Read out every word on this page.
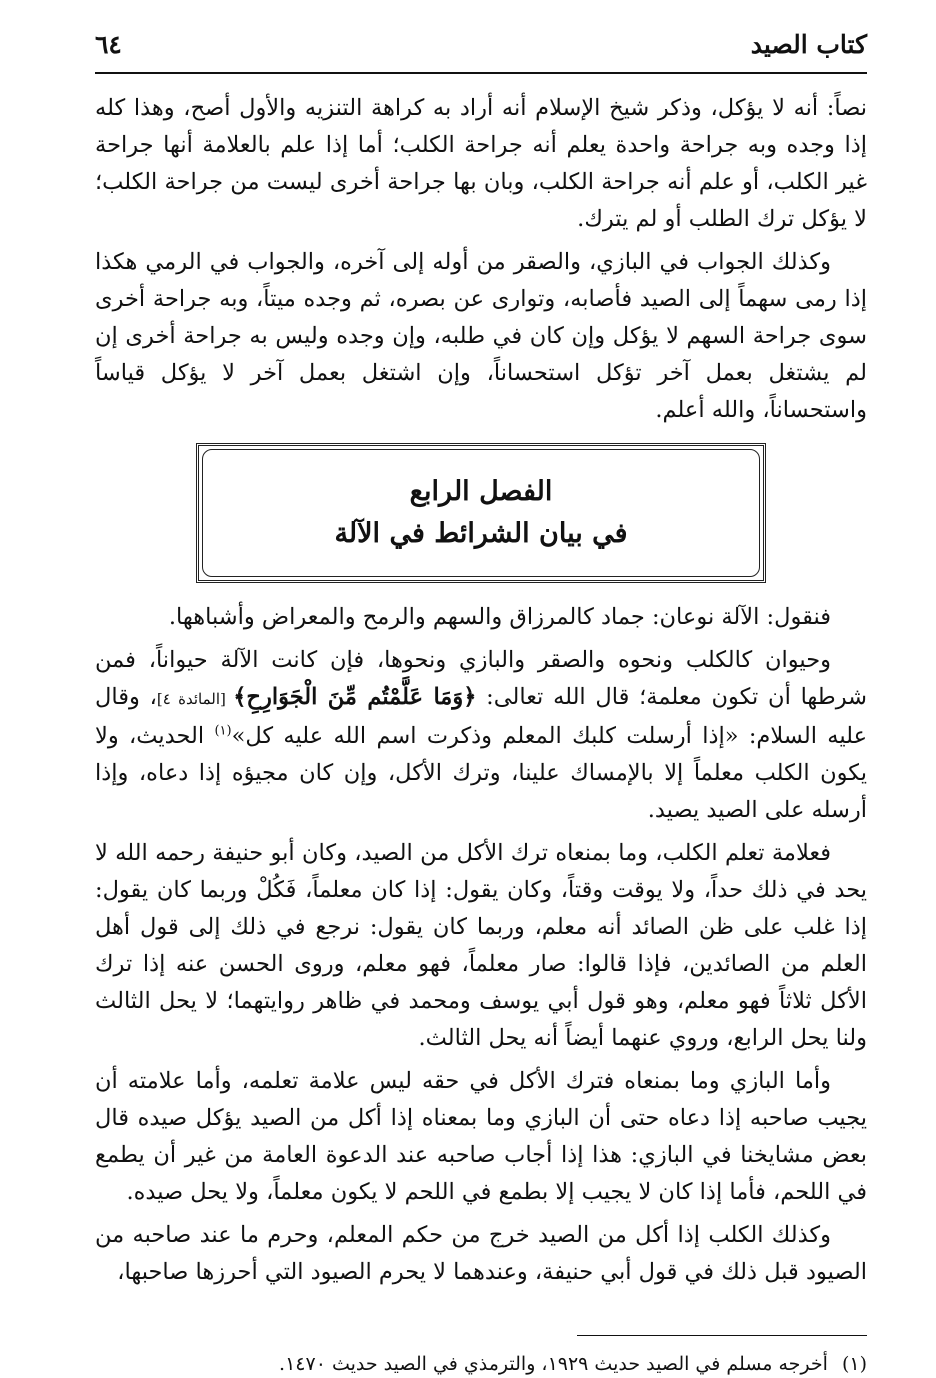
كتاب الصيد
٦٤

نصاً: أنه لا يؤكل، وذكر شيخ الإسلام أنه أراد به كراهة التنزيه والأول أصح، وهذا كله إذا وجده وبه جراحة واحدة يعلم أنه جراحة الكلب؛ أما إذا علم بالعلامة أنها جراحة غير الكلب، أو علم أنه جراحة الكلب، وبان بها جراحة أخرى ليست من جراحة الكلب؛ لا يؤكل ترك الطلب أو لم يترك.

وكذلك الجواب في البازي، والصقر من أوله إلى آخره، والجواب في الرمي هكذا إذا رمى سهماً إلى الصيد فأصابه، وتوارى عن بصره، ثم وجده ميتاً، وبه جراحة أخرى سوى جراحة السهم لا يؤكل وإن كان في طلبه، وإن وجده وليس به جراحة أخرى إن لم يشتغل بعمل آخر تؤكل استحساناً، وإن اشتغل بعمل آخر لا يؤكل قياساً واستحساناً، والله أعلم.

الفصل الرابع
في بيان الشرائط في الآلة

فنقول: الآلة نوعان: جماد كالمرزاق والسهم والرمح والمعراض وأشباهها.

وحيوان كالكلب ونحوه والصقر والبازي ونحوها، فإن كانت الآلة حيواناً، فمن شرطها أن تكون معلمة؛ قال الله تعالى: ﴿وَمَا عَلَّمْتُم مِّنَ الْجَوَارِحِ﴾ [المائدة ٤]، وقال عليه السلام: «إذا أرسلت كلبك المعلم وذكرت اسم الله عليه كل»$^{(١)}$ الحديث، ولا يكون الكلب معلماً إلا بالإمساك علينا، وترك الأكل، وإن كان مجيؤه إذا دعاه، وإذا أرسله على الصيد يصيد.

فعلامة تعلم الكلب، وما بمنعاه ترك الأكل من الصيد، وكان أبو حنيفة رحمه الله لا يحد في ذلك حداً، ولا يوقت وقتاً، وكان يقول: إذا كان معلماً، فَكُلْ وربما كان يقول: إذا غلب على ظن الصائد أنه معلم، وربما كان يقول: نرجع في ذلك إلى قول أهل العلم من الصائدين، فإذا قالوا: صار معلماً، فهو معلم، وروى الحسن عنه إذا ترك الأكل ثلاثاً فهو معلم، وهو قول أبي يوسف ومحمد في ظاهر روايتهما؛ لا يحل الثالث ولنا يحل الرابع، وروي عنهما أيضاً أنه يحل الثالث.

وأما البازي وما بمنعاه فترك الأكل في حقه ليس علامة تعلمه، وأما علامته أن يجيب صاحبه إذا دعاه حتى أن البازي وما بمعناه إذا أكل من الصيد يؤكل صيده قال بعض مشايخنا في البازي: هذا إذا أجاب صاحبه عند الدعوة العامة من غير أن يطمع في اللحم، فأما إذا كان لا يجيب إلا بطمع في اللحم لا يكون معلماً، ولا يحل صيده.

وكذلك الكلب إذا أكل من الصيد خرج من حكم المعلم، وحرم ما عند صاحبه من الصيود قبل ذلك في قول أبي حنيفة، وعندهما لا يحرم الصيود التي أحرزها صاحبها،

(١)أخرجه مسلم في الصيد حديث ١٩٢٩، والترمذي في الصيد حديث ١٤٧٠.
